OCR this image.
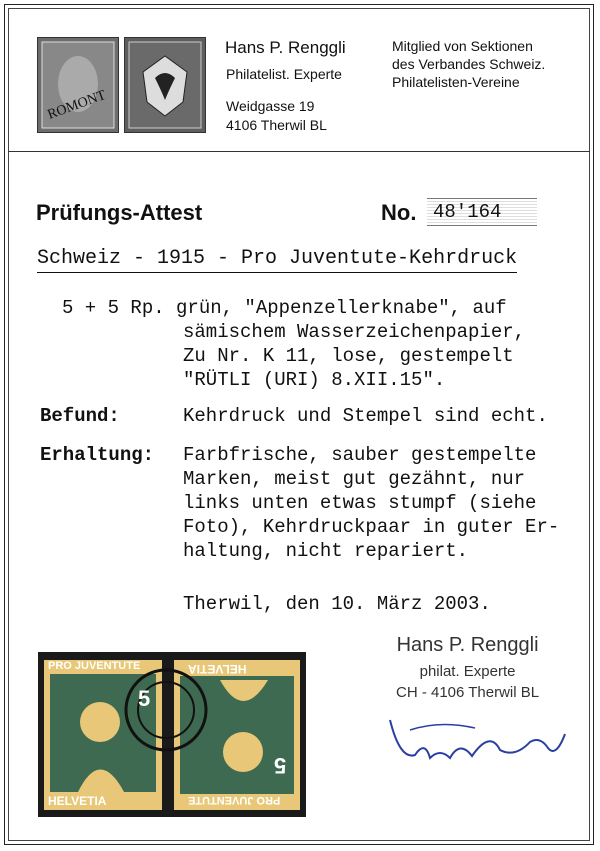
ROMONT
Hans P. Renggli
Philatelist. Experte
Weidgasse 19
4106 Therwil BL
Mitglied von Sektionen
des Verbandes Schweiz.
Philatelisten-Vereine
Prüfungs-Attest	No. 48'164
Schweiz - 1915 - Pro Juventute-Kehrdruck
5 + 5 Rp. grün, "Appenzellerknabe", auf
sämischem Wasserzeichenpapier,
Zu Nr. K 11, lose, gestempelt
"RÜTLI (URI) 8.XII.15".
Befund:	Kehrdruck und Stempel sind echt.
Erhaltung: Farbfrische, sauber gestempelte
Marken, meist gut gezähnt, nur
links unten etwas stumpf (siehe
Foto), Kehrdruckpaar in guter Er-
haltung, nicht repariert.
Therwil, den 10. März 2003.
PRO JUVENTUTE
HELVETIA
HELVETIA
PRO JUVENTUTE
5
5
Hans P. Renggli
philat. Experte
CH - 4106 Therwil BL
